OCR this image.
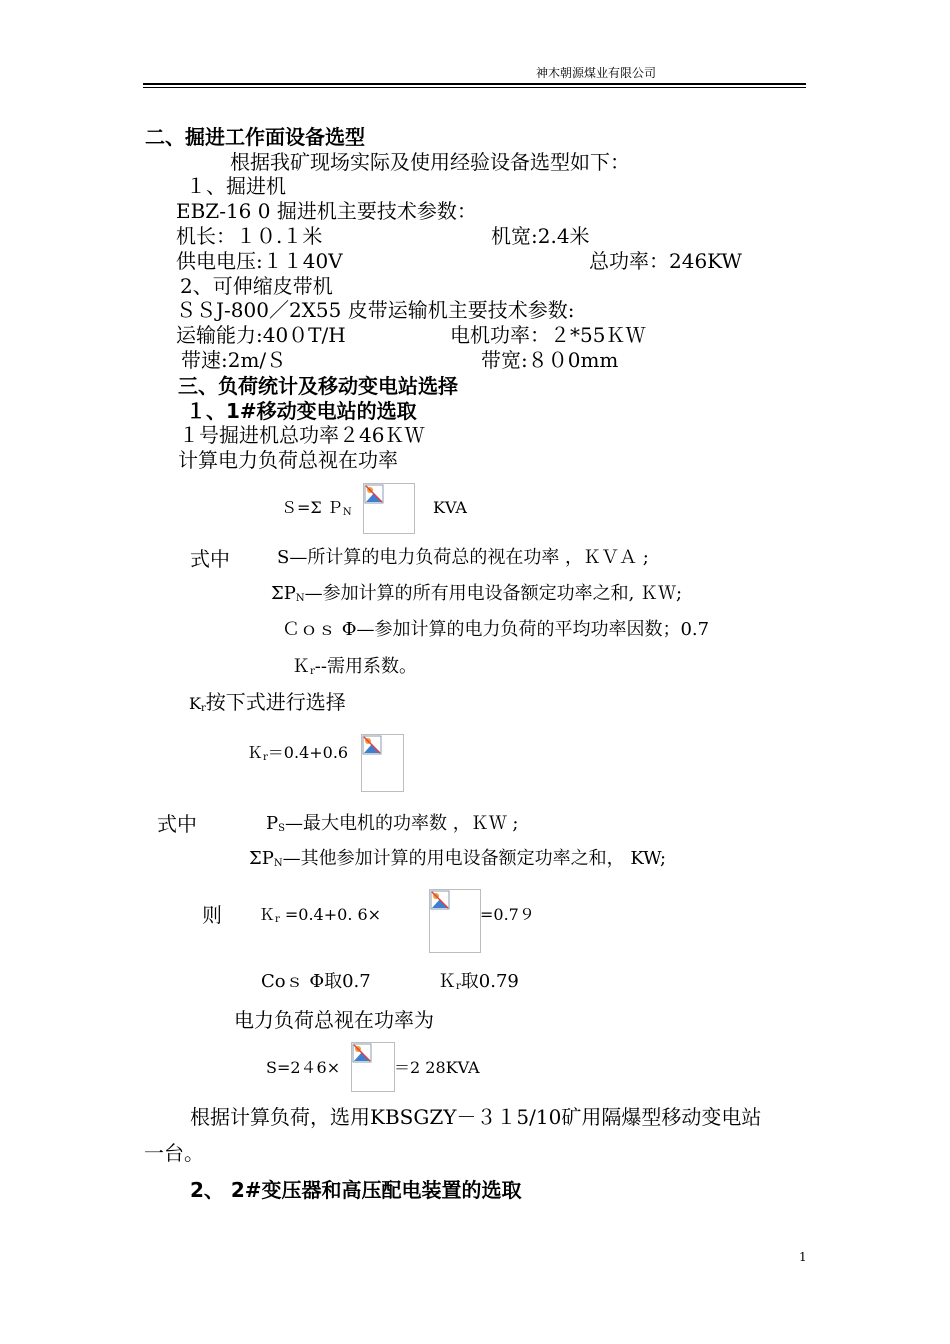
神木朝源煤业有限公司
二、掘进工作面设备选型
根据我矿现场实际及使用经验设备选型如下：
１、掘进机
EBZ-16 0 掘进机主要技术参数：
机长：１０.１米	机宽:2.4米
供电电压:１１40V	总功率：246KW
2、可伸缩皮带机
ＳＳJ-800／2X55 皮带运输机主要技术参数:
运输能力:40０T/H	电机功率：２*55ＫＷ
带速:2m/Ｓ	带宽:８０0mm
三、负荷统计及移动变电站选择
１、1#移动变电站的选取
１号掘进机总功率２46ＫＷ
计算电力负荷总视在功率
Ｓ=Σ Ｐ$_N$	KVA
式中	S—所计算的电力负荷总的视在功率 ，ＫＶＡ ;
$\Sigma P_N—$参加计算的所有用电设备额定功率之和, ＫＷ;
Ｃｏｓ Φ—参加计算的电力负荷的平均功率因数；0.7
Ｋ$_r$--需用系数。
$K_r$按下式进行选择
Ｋ$_r$＝0.4+0.6
式中	$P_S—$最大电机的功率数 ，ＫＷ ;
$\Sigma P_N—$其他参加计算的用电设备额定功率之和， KW;
则 Ｋ$_r$ =0.4+0. 6×	=0.7９
Coｓ Φ取0.7	Ｋ$_r$取0.79
电力负荷总视在功率为
S=2４6×	＝2 28KVA
根据计算负荷，选用KBSGZY－３１5/10矿用隔爆型移动变电站
一台。
2、 2#变压器和高压配电装置的选取
1
